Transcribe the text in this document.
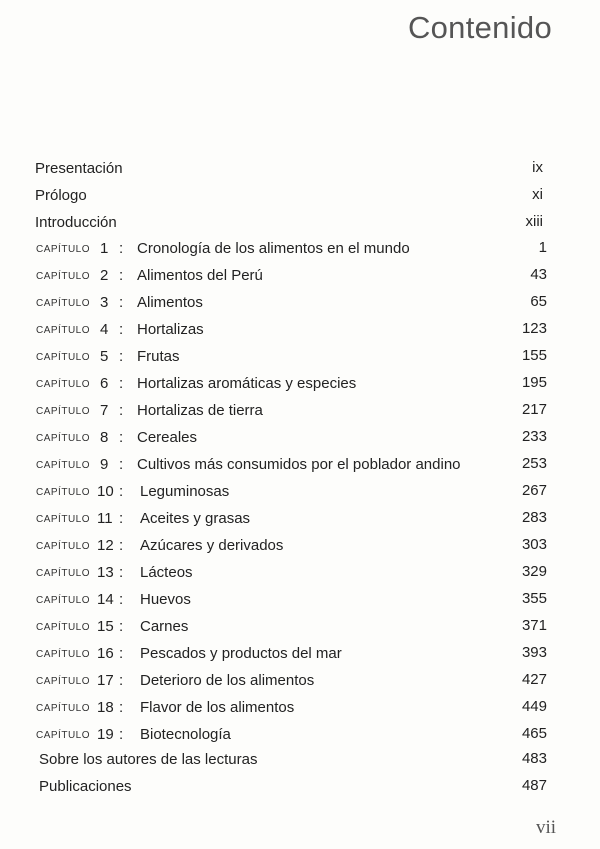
Contenido
Presentación	ix
Prólogo	xi
Introducción	xiii
CAPÍTULO 1 : Cronología de los alimentos en el mundo	1
CAPÍTULO 2 : Alimentos del Perú	43
CAPÍTULO 3 : Alimentos	65
CAPÍTULO 4 : Hortalizas	123
CAPÍTULO 5 : Frutas	155
CAPÍTULO 6 : Hortalizas aromáticas y especies	195
CAPÍTULO 7 : Hortalizas de tierra	217
CAPÍTULO 8 : Cereales	233
CAPÍTULO 9 : Cultivos más consumidos por el poblador andino	253
CAPÍTULO 10 : Leguminosas	267
CAPÍTULO 11 : Aceites y grasas	283
CAPÍTULO 12 : Azúcares y derivados	303
CAPÍTULO 13 : Lácteos	329
CAPÍTULO 14 : Huevos	355
CAPÍTULO 15 : Carnes	371
CAPÍTULO 16 : Pescados y productos del mar	393
CAPÍTULO 17 : Deterioro de los alimentos	427
CAPÍTULO 18 : Flavor de los alimentos	449
CAPÍTULO 19 : Biotecnología	465
Sobre los autores de las lecturas	483
Publicaciones	487
vii
